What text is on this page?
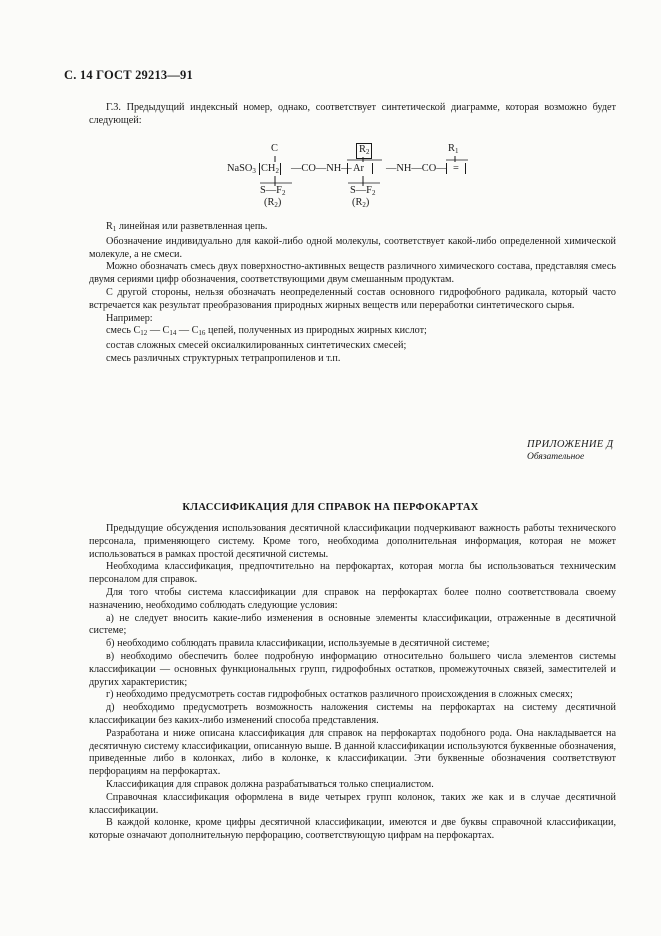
С. 14 ГОСТ 29213—91

Г.3. Предыдущий индексный номер, однако, соответствует синтетической диаграмме, которая возможно будет следующей:

C	$R_2$	$R_1$
NaSO$_3$ $CH_2$ —CO—NH— Ar	—NH—CO— =
$S—F_2$	$S—F_2$
$(R_2)$	$(R_2)$

$R_1$ линейная или разветвленная цепь.

Обозначение индивидуально для какой-либо одной молекулы, соответствует какой-либо определенной химической молекуле, а не смеси.

Можно обозначать смесь двух поверхностно-активных веществ различного химического состава, представляя смесь двумя сериями цифр обозначения, соответствующими двум смешанным продуктам.

С другой стороны, нельзя обозначать неопределенный состав основного гидрофобного радикала, который часто встречается как результат преобразования природных жирных веществ или переработки синтетического сырья.

Например:

смесь $С_{12}$ — $С_{14}$ — $С_{16}$ цепей, полученных из природных жирных кислот;

состав сложных смесей оксиалкилированных синтетических смесей;

смесь различных структурных тетрапропиленов и т.п.

ПРИЛОЖЕНИЕ Д
Обязательное
КЛАССИФИКАЦИЯ ДЛЯ СПРАВОК НА ПЕРФОКАРТАХ

Предыдущие обсуждения использования десятичной классификации подчеркивают важность работы технического персонала, применяющего систему. Кроме того, необходима дополнительная информация, которая не может использоваться в рамках простой десятичной системы.

Необходима классификация, предпочтительно на перфокартах, которая могла бы использоваться техническим персоналом для справок.

Для того чтобы система классификации для справок на перфокартах более полно соответствовала своему назначению, необходимо соблюдать следующие условия:

а) не следует вносить какие-либо изменения в основные элементы классификации, отраженные в десятичной системе;

б) необходимо соблюдать правила классификации, используемые в десятичной системе;

в) необходимо обеспечить более подробную информацию относительно большего числа элементов системы классификации — основных функциональных групп, гидрофобных остатков, промежуточных связей, заместителей и других характеристик;

г) необходимо предусмотреть состав гидрофобных остатков различного происхождения в сложных смесях;

д) необходимо предусмотреть возможность наложения системы на перфокартах на систему десятичной классификации без каких-либо изменений способа представления.

Разработана и ниже описана классификация для справок на перфокартах подобного рода. Она накладывается на десятичную систему классификации, описанную выше. В данной классификации используются буквенные обозначения, приведенные либо в колонках, либо в колонке, к классификации. Эти буквенные обозначения соответствуют перфорациям на перфокартах.

Классификация для справок должна разрабатываться только специалистом.

Справочная классификация оформлена в виде четырех групп колонок, таких же как и в случае десятичной классификации.

В каждой колонке, кроме цифры десятичной классификации, имеются и две буквы справочной классификации, которые означают дополнительную перфорацию, соответствующую цифрам на перфокартах.
